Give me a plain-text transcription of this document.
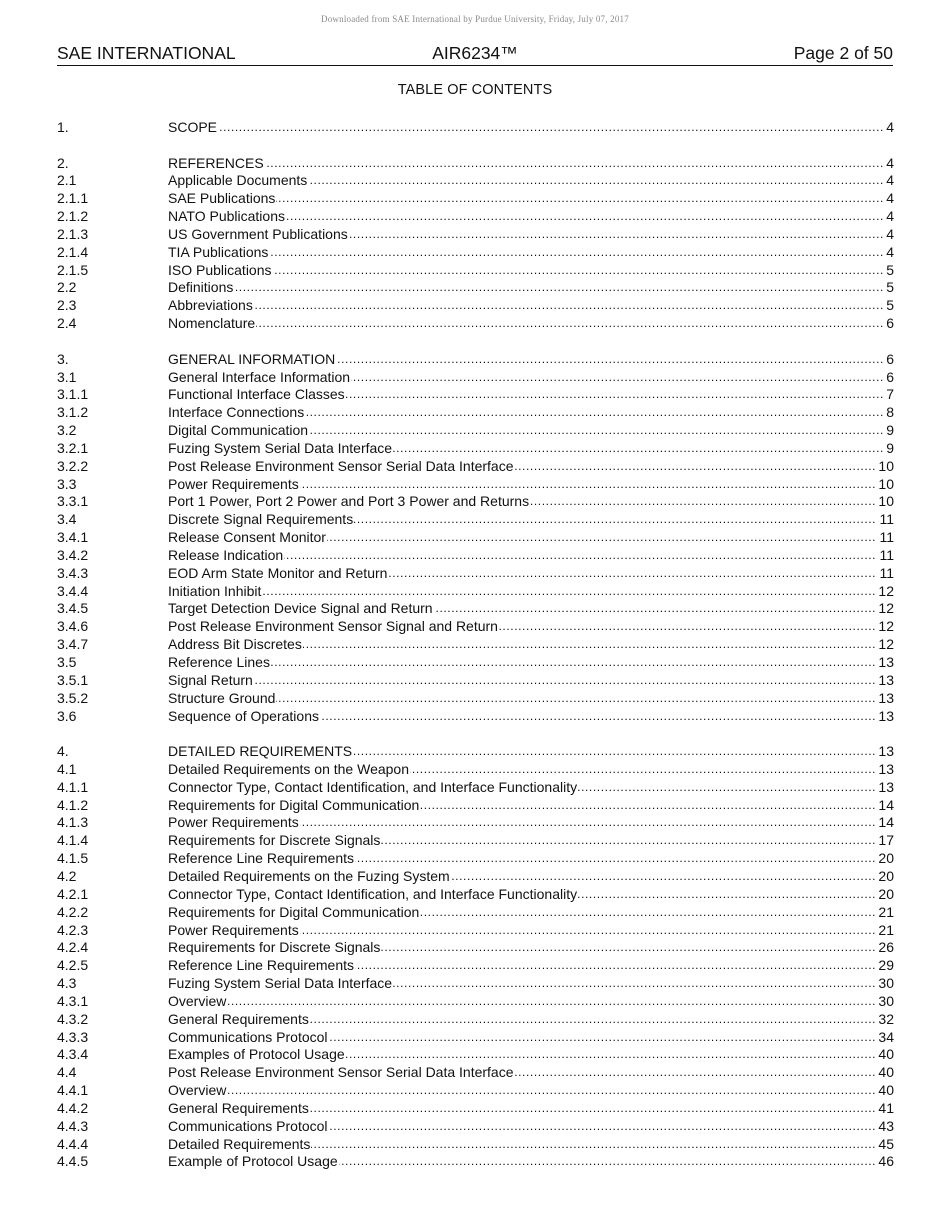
Downloaded from SAE International by Purdue University, Friday, July 07, 2017
AIR6234™
SAE INTERNATIONAL	Page 2 of 50
TABLE OF CONTENTS
1.	SCOPE .....	4
2.	REFERENCES .....	4
2.1	Applicable Documents .....	4
2.1.1	SAE Publications .....	4
2.1.2	NATO Publications .....	4
2.1.3	US Government Publications .....	4
2.1.4	TIA Publications .....	4
2.1.5	ISO Publications .....	5
2.2	Definitions .....	5
2.3	Abbreviations .....	5
2.4	Nomenclature .....	6
3.	GENERAL INFORMATION .....	6
3.1	General Interface Information .....	6
3.1.1	Functional Interface Classes .....	7
3.1.2	Interface Connections .....	8
3.2	Digital Communication .....	9
3.2.1	Fuzing System Serial Data Interface .....	9
3.2.2	Post Release Environment Sensor Serial Data Interface .....	10
3.3	Power Requirements .....	10
3.3.1	Port 1 Power, Port 2 Power and Port 3 Power and Returns .....	10
3.4	Discrete Signal Requirements .....	11
3.4.1	Release Consent Monitor .....	11
3.4.2	Release Indication .....	11
3.4.3	EOD Arm State Monitor and Return .....	11
3.4.4	Initiation Inhibit .....	12
3.4.5	Target Detection Device Signal and Return .....	12
3.4.6	Post Release Environment Sensor Signal and Return .....	12
3.4.7	Address Bit Discretes .....	12
3.5	Reference Lines .....	13
3.5.1	Signal Return .....	13
3.5.2	Structure Ground .....	13
3.6	Sequence of Operations .....	13
4.	DETAILED REQUIREMENTS .....	13
4.1	Detailed Requirements on the Weapon .....	13
4.1.1	Connector Type, Contact Identification, and Interface Functionality .....	13
4.1.2	Requirements for Digital Communication .....	14
4.1.3	Power Requirements .....	14
4.1.4	Requirements for Discrete Signals .....	17
4.1.5	Reference Line Requirements .....	20
4.2	Detailed Requirements on the Fuzing System .....	20
4.2.1	Connector Type, Contact Identification, and Interface Functionality .....	20
4.2.2	Requirements for Digital Communication .....	21
4.2.3	Power Requirements .....	21
4.2.4	Requirements for Discrete Signals .....	26
4.2.5	Reference Line Requirements .....	29
4.3	Fuzing System Serial Data Interface .....	30
4.3.1	Overview .....	30
4.3.2	General Requirements .....	32
4.3.3	Communications Protocol .....	34
4.3.4	Examples of Protocol Usage .....	40
4.4	Post Release Environment Sensor Serial Data Interface .....	40
4.4.1	Overview .....	40
4.4.2	General Requirements .....	41
4.4.3	Communications Protocol .....	43
4.4.4	Detailed Requirements .....	45
4.4.5	Example of Protocol Usage .....	46
